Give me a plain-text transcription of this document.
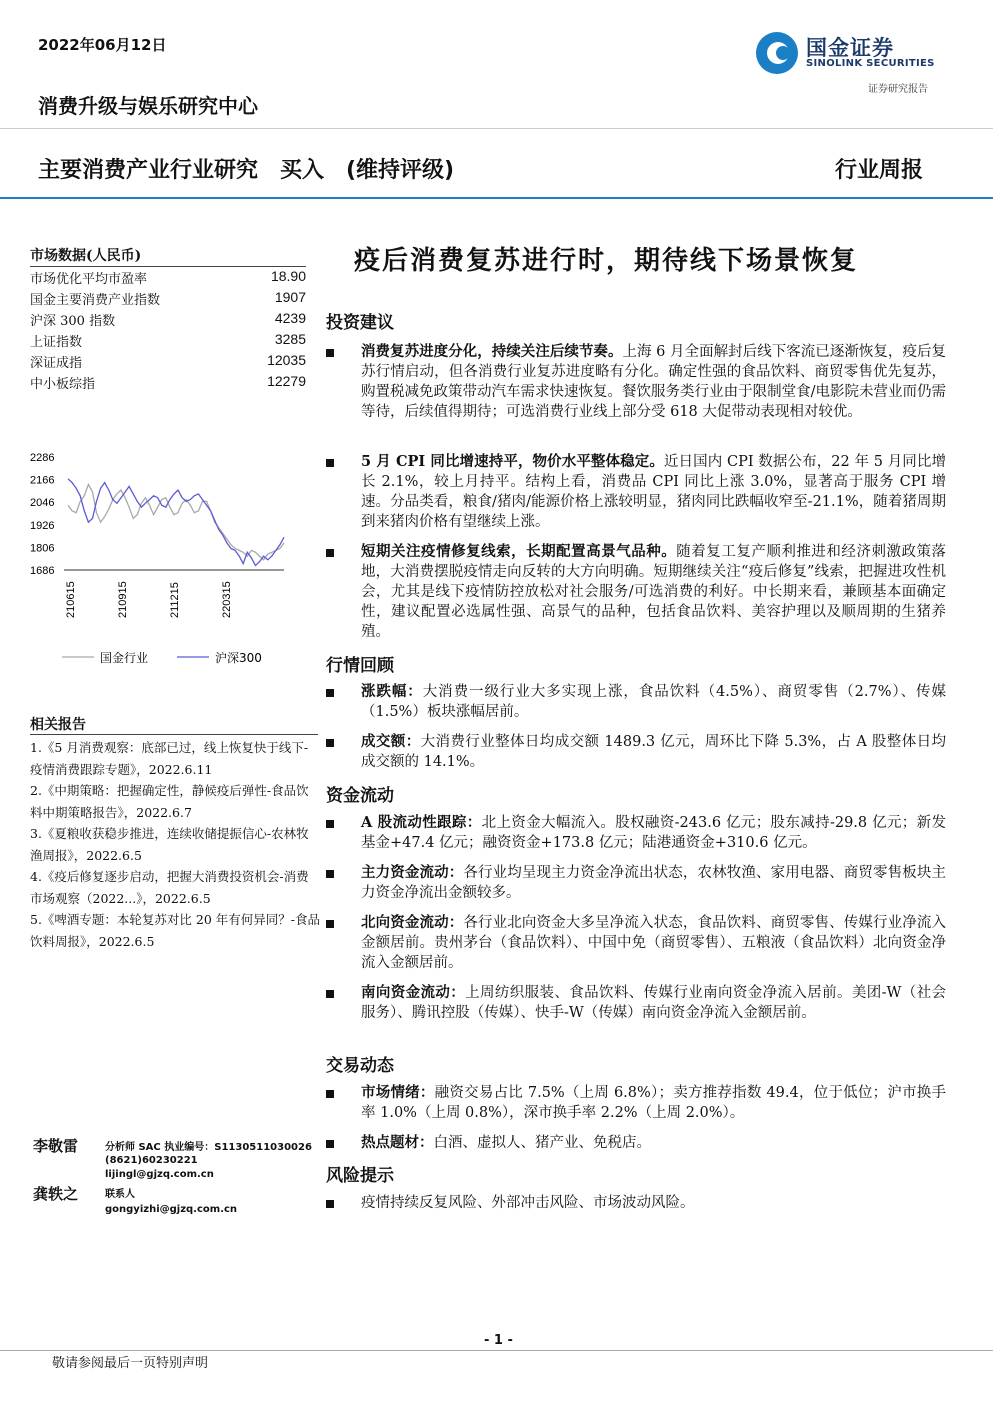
2022年06月12日	国金证券
SINOLINK SECURITIES
证券研究报告
消费升级与娱乐研究中心
主要消费产业行业研究　买入　(维持评级)	行业周报
疫后消费复苏进行时，期待线下场景恢复
市场数据(人民币)
市场优化平均市盈率	18.90
国金主要消费产业指数	1907
沪深 300 指数	4239
上证指数	3285
深证成指	12035
中小板综指	12279
2286
2166
2046
1926
1806
1686
210615	210915	211215	220315
国金行业	沪深300
相关报告
1.《5 月消费观察：底部已过，线上恢复快于线下-疫情消费跟踪专题》，2022.6.11
2.《中期策略：把握确定性，静候疫后弹性-食品饮料中期策略报告》，2022.6.7
3.《夏粮收获稳步推进，连续收储提振信心-农林牧渔周报》，2022.6.5
4.《疫后修复逐步启动，把握大消费投资机会-消费市场观察（2022...》，2022.6.5
5.《啤酒专题：本轮复苏对比 20 年有何异同？-食品饮料周报》，2022.6.5
李敬雷	分析师 SAC 执业编号：S1130511030026
(8621)60230221
lijingl@gjzq.com.cn
龚轶之	联系人
gongyizhi@gjzq.com.cn
投资建议
消费复苏进度分化，持续关注后续节奏。上海 6 月全面解封后线下客流已逐渐恢复，疫后复苏行情启动，但各消费行业复苏进度略有分化。确定性强的食品饮料、商贸零售优先复苏，购置税减免政策带动汽车需求快速恢复。餐饮服务类行业由于限制堂食/电影院未营业而仍需等待，后续值得期待；可选消费行业线上部分受 618 大促带动表现相对较优。
5 月 CPI 同比增速持平，物价水平整体稳定。近日国内 CPI 数据公布，22 年 5 月同比增长 2.1%，较上月持平。结构上看，消费品 CPI 同比上涨 3.0%，显著高于服务 CPI 增速。分品类看，粮食/猪肉/能源价格上涨较明显，猪肉同比跌幅收窄至-21.1%，随着猪周期到来猪肉价格有望继续上涨。
短期关注疫情修复线索，长期配置高景气品种。随着复工复产顺利推进和经济刺激政策落地，大消费摆脱疫情走向反转的大方向明确。短期继续关注“疫后修复”线索，把握进攻性机会，尤其是线下疫情防控放松对社会服务/可选消费的利好。中长期来看，兼顾基本面确定性，建议配置必选属性强、高景气的品种，包括食品饮料、美容护理以及顺周期的生猪养殖。
行情回顾
涨跌幅：大消费一级行业大多实现上涨，食品饮料（4.5%）、商贸零售（2.7%）、传媒（1.5%）板块涨幅居前。
成交额：大消费行业整体日均成交额 1489.3 亿元，周环比下降 5.3%，占 A 股整体日均成交额的 14.1%。
资金流动
A 股流动性跟踪：北上资金大幅流入。股权融资-243.6 亿元；股东减持-29.8 亿元；新发基金+47.4 亿元；融资资金+173.8 亿元；陆港通资金+310.6 亿元。
主力资金流动：各行业均呈现主力资金净流出状态，农林牧渔、家用电器、商贸零售板块主力资金净流出金额较多。
北向资金流动：各行业北向资金大多呈净流入状态，食品饮料、商贸零售、传媒行业净流入金额居前。贵州茅台（食品饮料）、中国中免（商贸零售）、五粮液（食品饮料）北向资金净流入金额居前。
南向资金流动：上周纺织服装、食品饮料、传媒行业南向资金净流入居前。美团-W（社会服务）、腾讯控股（传媒）、快手-W（传媒）南向资金净流入金额居前。
交易动态
市场情绪：融资交易占比 7.5%（上周 6.8%）；卖方推荐指数 49.4，位于低位；沪市换手率 1.0%（上周 0.8%），深市换手率 2.2%（上周 2.0%）。
热点题材：白酒、虚拟人、猪产业、免税店。
风险提示
疫情持续反复风险、外部冲击风险、市场波动风险。
- 1 -
敬请参阅最后一页特别声明
